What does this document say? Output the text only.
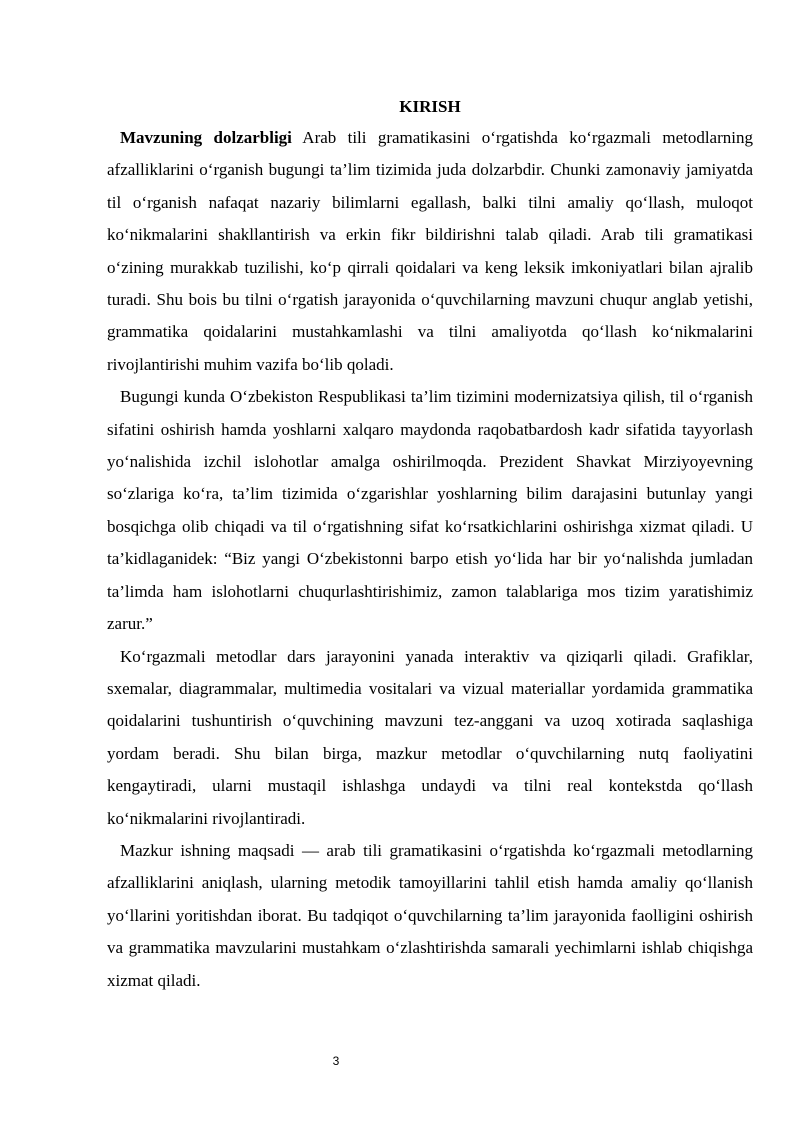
KIRISH

Mavzuning dolzarbligi Arab tili gramatikasini o‘rgatishda ko‘rgazmali metodlarning afzalliklarini o‘rganish bugungi ta’lim tizimida juda dolzarbdir. Chunki zamonaviy jamiyatda til o‘rganish nafaqat nazariy bilimlarni egallash, balki tilni amaliy qo‘llash, muloqot ko‘nikmalarini shakllantirish va erkin fikr bildirishni talab qiladi. Arab tili gramatikasi o‘zining murakkab tuzilishi, ko‘p qirrali qoidalari va keng leksik imkoniyatlari bilan ajralib turadi. Shu bois bu tilni o‘rgatish jarayonida o‘quvchilarning mavzuni chuqur anglab yetishi, grammatika qoidalarini mustahkamlashi va tilni amaliyotda qo‘llash ko‘nikmalarini rivojlantirishi muhim vazifa bo‘lib qoladi.

Bugungi kunda O‘zbekiston Respublikasi ta’lim tizimini modernizatsiya qilish, til o‘rganish sifatini oshirish hamda yoshlarni xalqaro maydonda raqobatbardosh kadr sifatida tayyorlash yo‘nalishida izchil islohotlar amalga oshirilmoqda. Prezident Shavkat Mirziyoyevning so‘zlariga ko‘ra, ta’lim tizimida o‘zgarishlar yoshlarning bilim darajasini butunlay yangi bosqichga olib chiqadi va til o‘rgatishning sifat ko‘rsatkichlarini oshirishga xizmat qiladi. U ta’kidlaganidek: “Biz yangi O‘zbekistonni barpo etish yo‘lida har bir yo‘nalishda jumladan ta’limda ham islohotlarni chuqurlashtirishimiz, zamon talablariga mos tizim yaratishimiz zarur.”

Ko‘rgazmali metodlar dars jarayonini yanada interaktiv va qiziqarli qiladi. Grafiklar, sxemalar, diagrammalar, multimedia vositalari va vizual materiallar yordamida grammatika qoidalarini tushuntirish o‘quvchining mavzuni tez-anggani va uzoq xotirada saqlashiga yordam beradi. Shu bilan birga, mazkur metodlar o‘quvchilarning nutq faoliyatini kengaytiradi, ularni mustaqil ishlashga undaydi va tilni real kontekstda qo‘llash ko‘nikmalarini rivojlantiradi.

Mazkur ishning maqsadi — arab tili gramatikasini o‘rgatishda ko‘rgazmali metodlarning afzalliklarini aniqlash, ularning metodik tamoyillarini tahlil etish hamda amaliy qo‘llanish yo‘llarini yoritishdan iborat. Bu tadqiqot o‘quvchilarning ta’lim jarayonida faolligini oshirish va grammatika mavzularini mustahkam o‘zlashtirishda samarali yechimlarni ishlab chiqishga xizmat qiladi.

3
